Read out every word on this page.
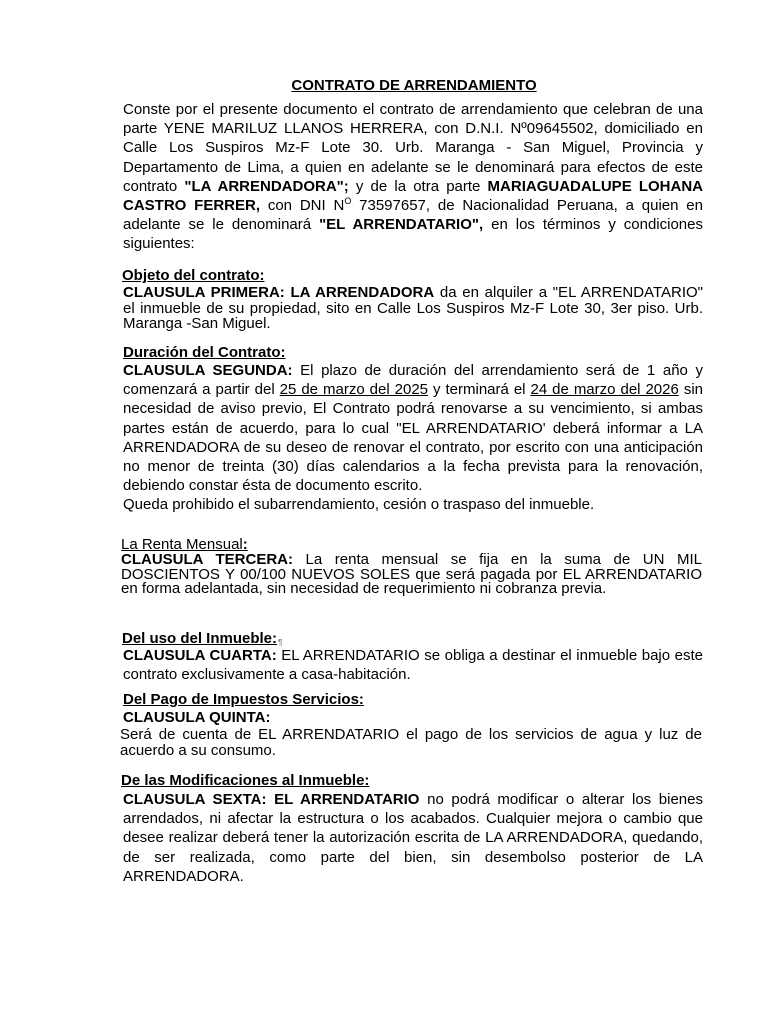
CONTRATO DE ARRENDAMIENTO

Conste por el presente documento el contrato de arrendamiento que celebran de una parte YENE MARILUZ LLANOS HERRERA, con D.N.I. Nº09645502, domiciliado en Calle Los Suspiros Mz-F Lote 30. Urb. Maranga - San Miguel, Provincia y Departamento de Lima, a quien en adelante se le denominará para efectos de este contrato "LA ARRENDADORA"; y de la otra parte MARIAGUADALUPE LOHANA CASTRO FERRER, con DNI $N^O$ 73597657, de Nacionalidad Peruana, a quien en adelante se le denominará "EL ARRENDATARIO", en los términos y condiciones siguientes:

Objeto del contrato:

CLAUSULA PRIMERA: LA ARRENDADORA da en alquiler a "EL ARRENDATARIO" el inmueble de su propiedad, sito en Calle Los Suspiros Mz-F Lote 30, 3er piso. Urb. Maranga -San Miguel.

Duración del Contrato:

CLAUSULA SEGUNDA: El plazo de duración del arrendamiento será de 1 año y comenzará a partir del 25 de marzo del 2025 y terminará el 24 de marzo del 2026 sin necesidad de aviso previo, El Contrato podrá renovarse a su vencimiento, si ambas partes están de acuerdo, para lo cual "EL ARRENDATARIO' deberá informar a LA ARRENDADORA de su deseo de renovar el contrato, por escrito con una anticipación no menor de treinta (30) días calendarios a la fecha prevista para la renovación, debiendo constar ésta de documento escrito.

Queda prohibido el subarrendamiento, cesión o traspaso del inmueble.

La Renta Mensual:

CLAUSULA TERCERA: La renta mensual se fija en la suma de UN MIL DOSCIENTOS Y 00/100 NUEVOS SOLES que será pagada por EL ARRENDATARIO en forma adelantada, sin necesidad de requerimiento ni cobranza previa.

Del uso del Inmueble:¶

CLAUSULA CUARTA: EL ARRENDATARIO se obliga a destinar el inmueble bajo este contrato exclusivamente a casa-habitación.

Del Pago de Impuestos Servicios:
CLAUSULA QUINTA:

Será de cuenta de EL ARRENDATARIO el pago de los servicios de agua y luz de acuerdo a su consumo.

De las Modificaciones al Inmueble:

CLAUSULA SEXTA: EL ARRENDATARIO no podrá modificar o alterar los bienes arrendados, ni afectar la estructura o los acabados. Cualquier mejora o cambio que desee realizar deberá tener la autorización escrita de LA ARRENDADORA, quedando, de ser realizada, como parte del bien, sin desembolso posterior de LA ARRENDADORA.
